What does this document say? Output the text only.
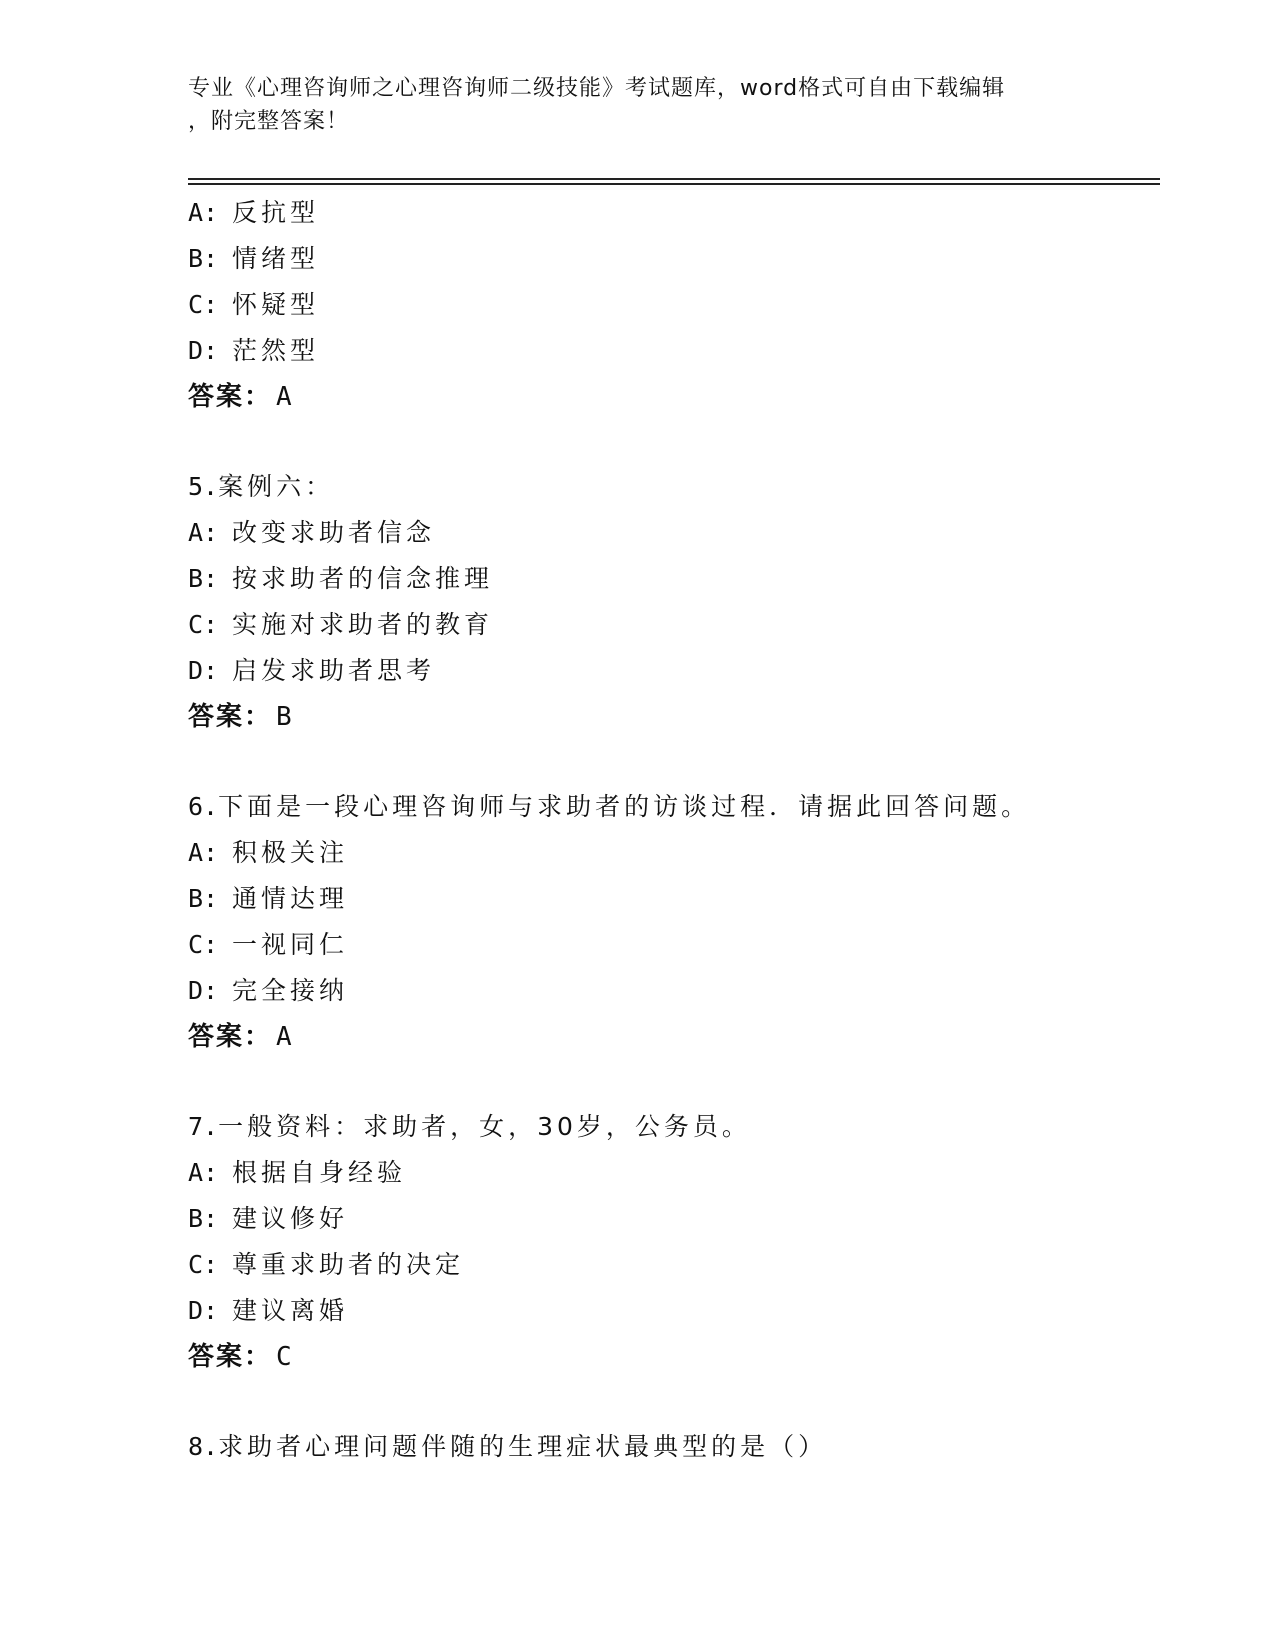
专业《心理咨询师之心理咨询师二级技能》考试题库，word格式可自由下载编辑

，附完整答案！
A: 反抗型
B: 情绪型
C: 怀疑型
D: 茫然型
答案： A
5.案例六：
A: 改变求助者信念
B: 按求助者的信念推理
C: 实施对求助者的教育
D: 启发求助者思考
答案： B
6.下面是一段心理咨询师与求助者的访谈过程．请据此回答问题。
A: 积极关注
B: 通情达理
C: 一视同仁
D: 完全接纳
答案： A
7.一般资料：求助者，女，30岁，公务员。
A: 根据自身经验
B: 建议修好
C: 尊重求助者的决定
D: 建议离婚
答案： C
8.求助者心理问题伴随的生理症状最典型的是（）
